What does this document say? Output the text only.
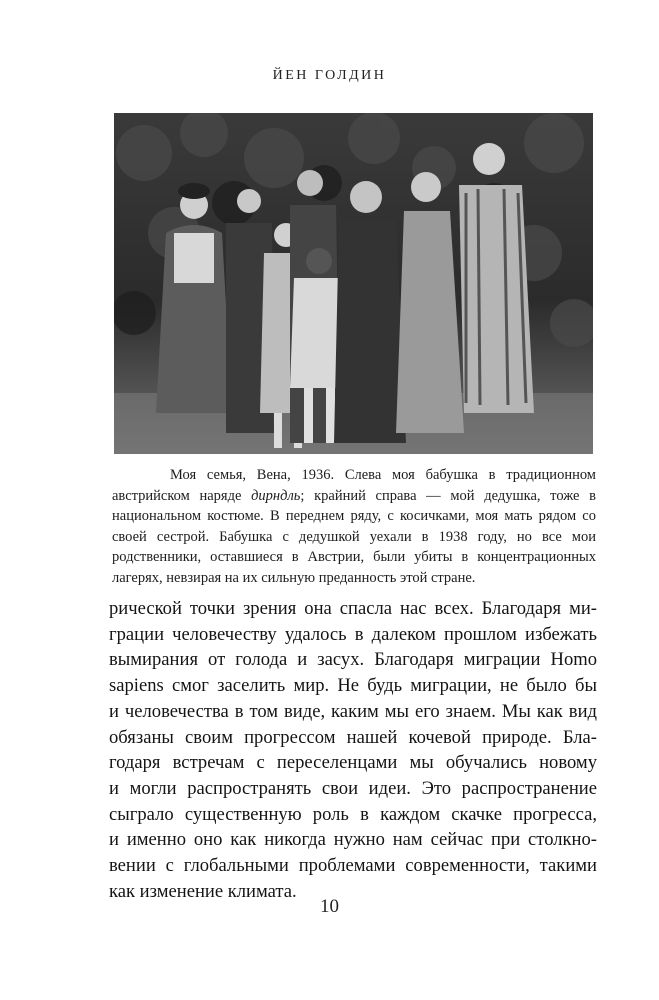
ЙЕН ГОЛДИН
Моя семья, Вена, 1936. Слева моя бабушка в традиционном австрийском наряде дирндль; крайний справа — мой дедушка, тоже в национальном костюме. В переднем ряду, с косичками, моя мать рядом со своей сестрой. Бабушка с дедушкой уехали в 1938 году, но все мои родственники, оставшиеся в Австрии, были убиты в концентрационных лагерях, невзирая на их сильную преданность этой стране.
рической точки зрения она спасла нас всех. Благодаря ми-
грации человечеству удалось в далеком прошлом избежать
вымирания от голода и засух. Благодаря миграции Homo
sapiens смог заселить мир. Не будь миграции, не было бы
и человечества в том виде, каким мы его знаем. Мы как вид
обязаны своим прогрессом нашей кочевой природе. Бла-
годаря встречам с переселенцами мы обучались новому
и могли распространять свои идеи. Это распространение
сыграло существенную роль в каждом скачке прогресса,
и именно оно как никогда нужно нам сейчас при столкно-
вении с глобальными проблемами современности, такими
как изменение климата.
10
